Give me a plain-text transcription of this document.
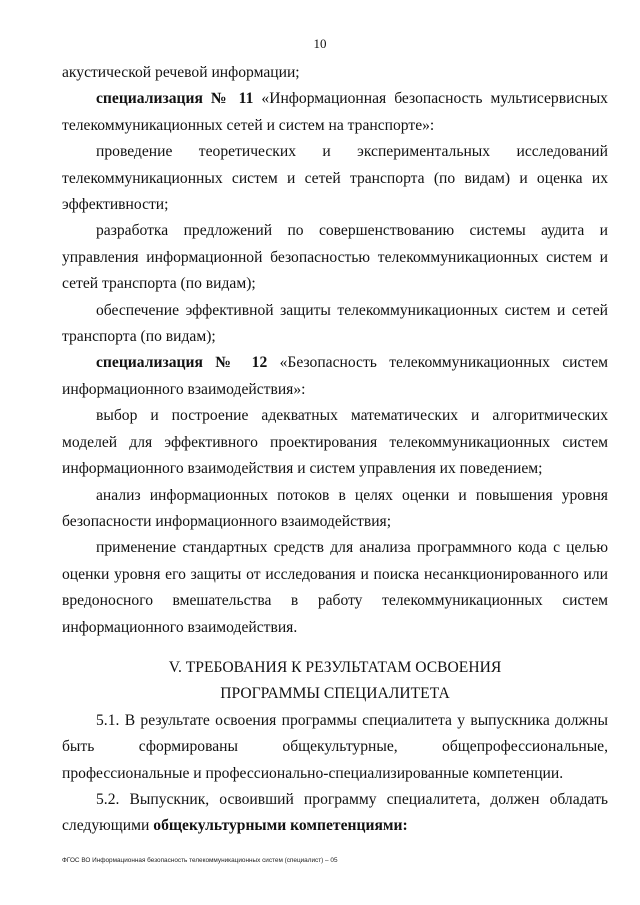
10

акустической речевой информации;

специализация № 11 «Информационная безопасность мультисервисных телекоммуникационных сетей и систем на транспорте»:

проведение теоретических и экспериментальных исследований телекоммуникационных систем и сетей транспорта (по видам) и оценка их эффективности;

разработка предложений по совершенствованию системы аудита и управления информационной безопасностью телекоммуникационных систем и сетей транспорта (по видам);

обеспечение эффективной защиты телекоммуникационных систем и сетей транспорта (по видам);

специализация № 12 «Безопасность телекоммуникационных систем информационного взаимодействия»:

выбор и построение адекватных математических и алгоритмических моделей для эффективного проектирования телекоммуникационных систем информационного взаимодействия и систем управления их поведением;

анализ информационных потоков в целях оценки и повышения уровня безопасности информационного взаимодействия;

применение стандартных средств для анализа программного кода с целью оценки уровня его защиты от исследования и поиска несанкционированного или вредоносного вмешательства в работу телекоммуникационных систем информационного взаимодействия.

V. ТРЕБОВАНИЯ К РЕЗУЛЬТАТАМ ОСВОЕНИЯ
ПРОГРАММЫ СПЕЦИАЛИТЕТА

5.1. В результате освоения программы специалитета у выпускника должны быть сформированы общекультурные, общепрофессиональные, профессиональные и профессионально-специализированные компетенции.

5.2. Выпускник, освоивший программу специалитета, должен обладать следующими общекультурными компетенциями:

ФГОС ВО Информационная безопасность телекоммуникационных систем (специалист) – 05
